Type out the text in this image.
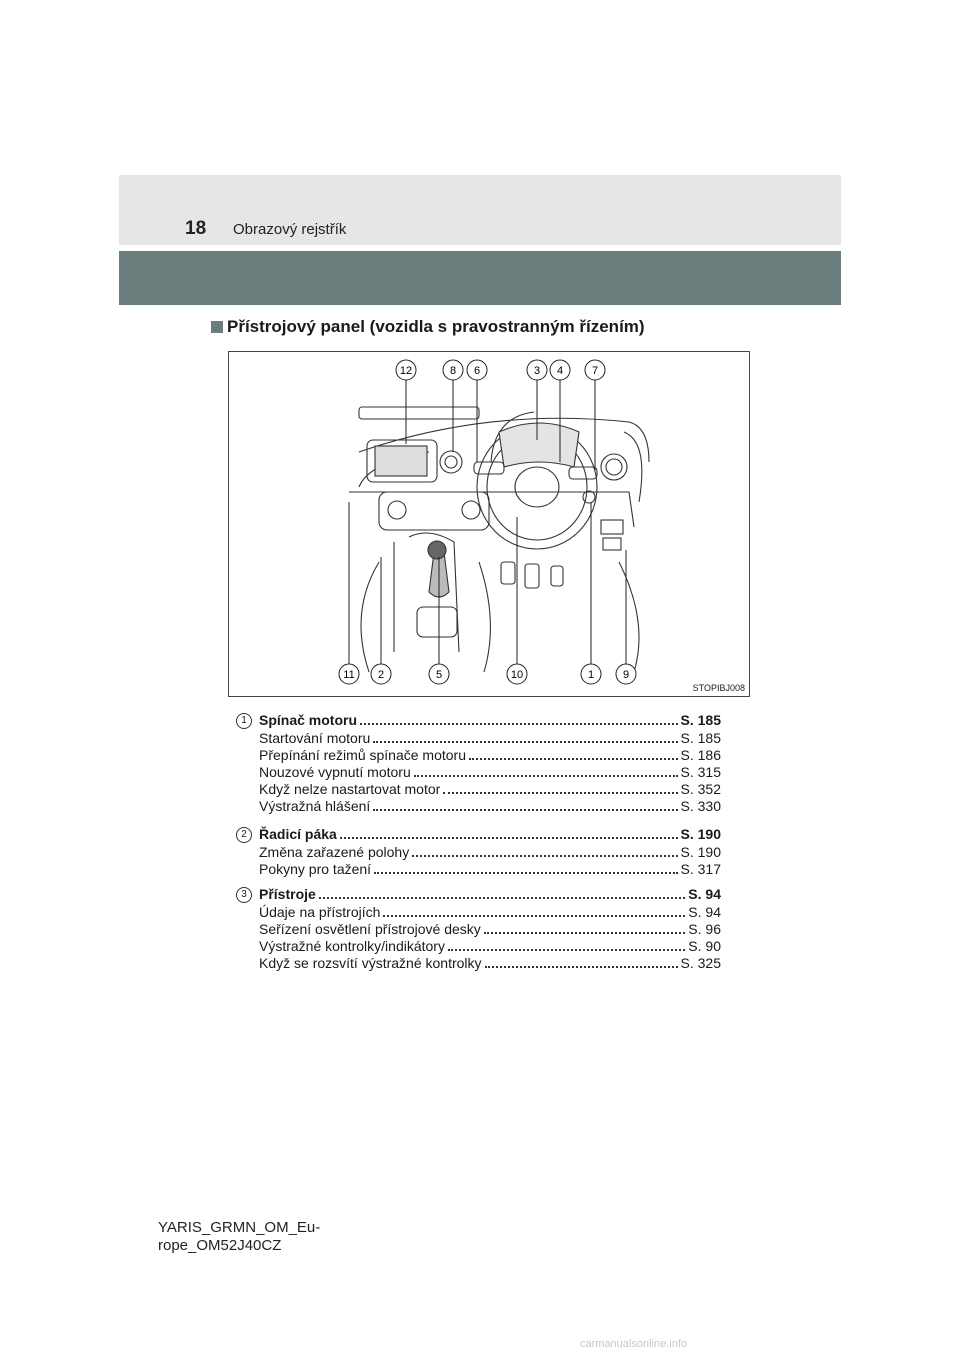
18 Obrazový rejstřík
Přístrojový panel (vozidla s pravostranným řízením)
12	8 6	3 4	7
11 2	5	10	1	9
STOPIBJ008
1 Spínač motoru	S. 185
Startování motoru	S. 185
Přepínání režimů spínače motoru	S. 186
Nouzové vypnutí motoru	S. 315
Když nelze nastartovat motor	S. 352
Výstražná hlášení	S. 330
2 Řadicí páka	S. 190
Změna zařazené polohy	S. 190
Pokyny pro tažení	S. 317
3 Přístroje	S. 94
Údaje na přístrojích	S. 94
Seřízení osvětlení přístrojové desky	S. 96
Výstražné kontrolky/indikátory	S. 90
Když se rozsvítí výstražné kontrolky	S. 325
YARIS_GRMN_OM_Eu-
rope_OM52J40CZ
carmanualsonline.info
